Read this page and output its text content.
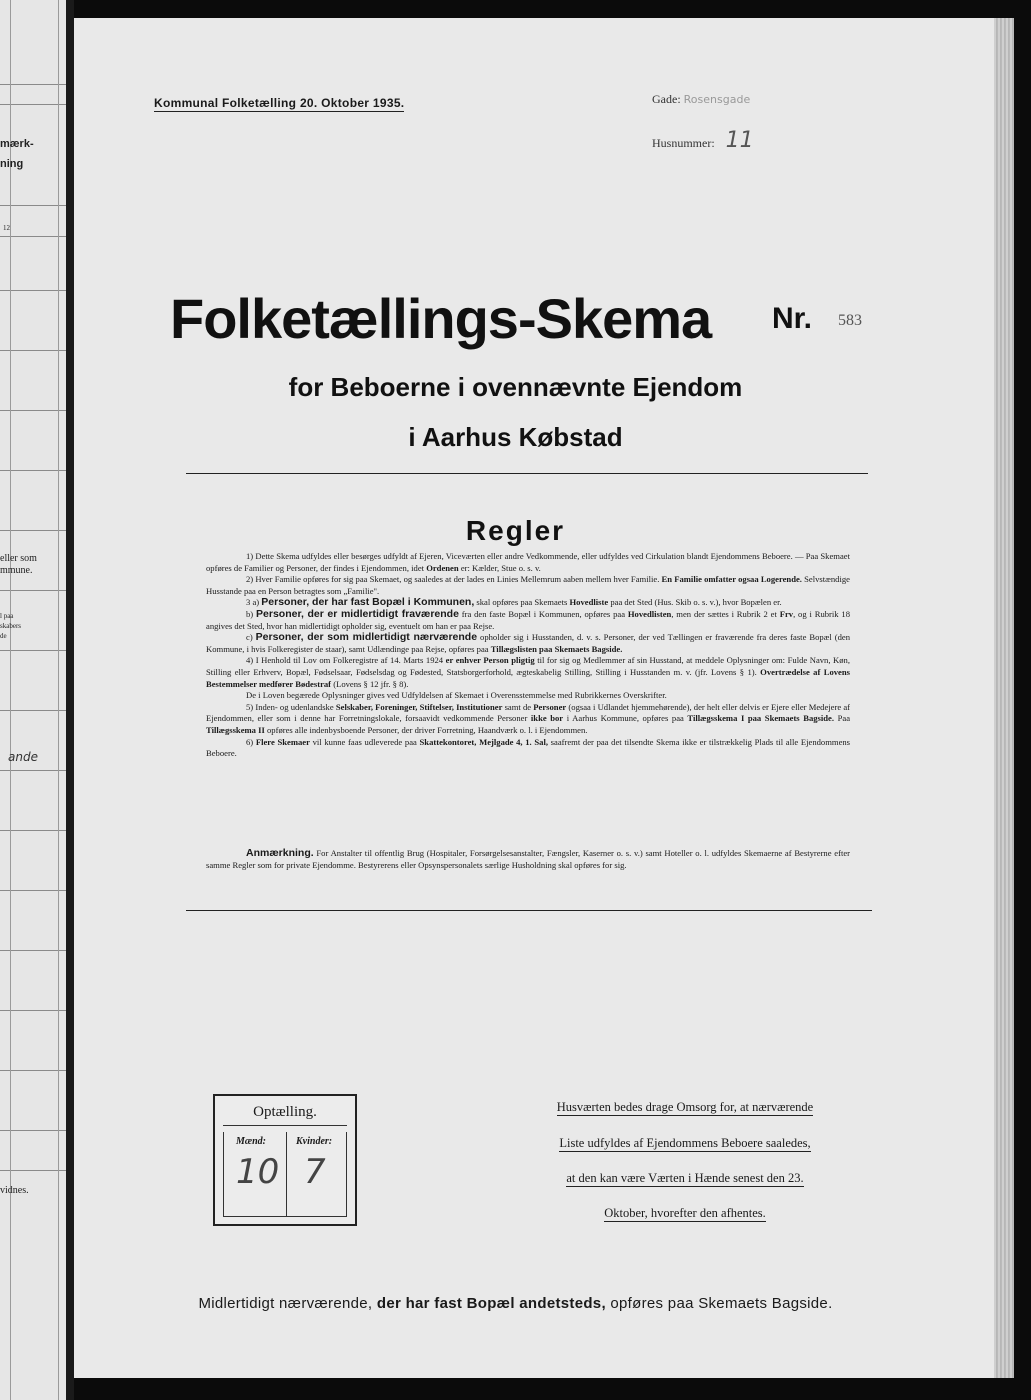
mærk-
ning
12
eller som
mmune.
l paa
skabers
de
ande
vidnes.
Kommunal Folketælling 20. Oktober 1935.	Gade: Rosensgade
Husnummer: 11
Folketællings-Skema Nr. 583
for Beboerne i ovennævnte Ejendom
i Aarhus Købstad
Regler

1) Dette Skema udfyldes eller besørges udfyldt af Ejeren, Viceværten eller andre Vedkommende, eller udfyldes ved Cirkulation blandt Ejendommens Beboere. — Paa Skemaet opføres de Familier og Personer, der findes i Ejendommen, idet Ordenen er: Kælder, Stue o. s. v.

2) Hver Familie opføres for sig paa Skemaet, og saaledes at der lades en Linies Mellemrum aaben mellem hver Familie. En Familie omfatter ogsaa Logerende. Selvstændige Husstande paa en Person betragtes som „Familie".

3 a) Personer, der har fast Bopæl i Kommunen, skal opføres paa Skemaets Hovedliste paa det Sted (Hus. Skib o. s. v.), hvor Bopælen er.

b) Personer, der er midlertidigt fraværende fra den faste Bopæl i Kommunen, opføres paa Hovedlisten, men der sættes i Rubrik 2 et Frv, og i Rubrik 18 angives det Sted, hvor han midlertidigt opholder sig, eventuelt om han er paa Rejse.

c) Personer, der som midlertidigt nærværende opholder sig i Husstanden, d. v. s. Personer, der ved Tællingen er fraværende fra deres faste Bopæl (den Kommune, i hvis Folkeregister de staar), samt Udlændinge paa Rejse, opføres paa Tillægslisten paa Skemaets Bagside.

4) I Henhold til Lov om Folkeregistre af 14. Marts 1924 er enhver Person pligtig til for sig og Medlemmer af sin Husstand, at meddele Oplysninger om: Fulde Navn, Køn, Stilling eller Erhverv, Bopæl, Fødselsaar, Fødselsdag og Fødested, Statsborgerforhold, ægteskabelig Stilling, Stilling i Husstanden m. v. (jfr. Lovens § 1). Overtrædelse af Lovens Bestemmelser medfører Bødestraf (Lovens § 12 jfr. § 8).

De i Loven begærede Oplysninger gives ved Udfyldelsen af Skemaet i Overensstemmelse med Rubrikkernes Overskrifter.

5) Inden- og udenlandske Selskaber, Foreninger, Stiftelser, Institutioner samt de Personer (ogsaa i Udlandet hjemmehørende), der helt eller delvis er Ejere eller Medejere af Ejendommen, eller som i denne har Forretningslokale, forsaavidt vedkommende Personer ikke bor i Aarhus Kommune, opføres paa Tillægsskema I paa Skemaets Bagside. Paa Tillægsskema II opføres alle indenbysboende Personer, der driver Forretning, Haandværk o. l. i Ejendommen.

6) Flere Skemaer vil kunne faas udleverede paa Skattekontoret, Mejlgade 4, 1. Sal, saafremt der paa det tilsendte Skema ikke er tilstrækkelig Plads til alle Ejendommens Beboere.

Anmærkning. For Anstalter til offentlig Brug (Hospitaler, Forsørgelsesanstalter, Fængsler, Kaserner o. s. v.) samt Hoteller o. l. udfyldes Skemaerne af Bestyrerne efter samme Regler som for private Ejendomme. Bestyrerens eller Opsynspersonalets særlige Husholdning skal opføres for sig.

Optælling.
Mænd:	Kvinder:
10 7
Husværten bedes drage Omsorg for, at nærværende
Liste udfyldes af Ejendommens Beboere saaledes,
at den kan være Værten i Hænde senest den 23.
Oktober, hvorefter den afhentes.
Midlertidigt nærværende, der har fast Bopæl andetsteds, opføres paa Skemaets Bagside.
